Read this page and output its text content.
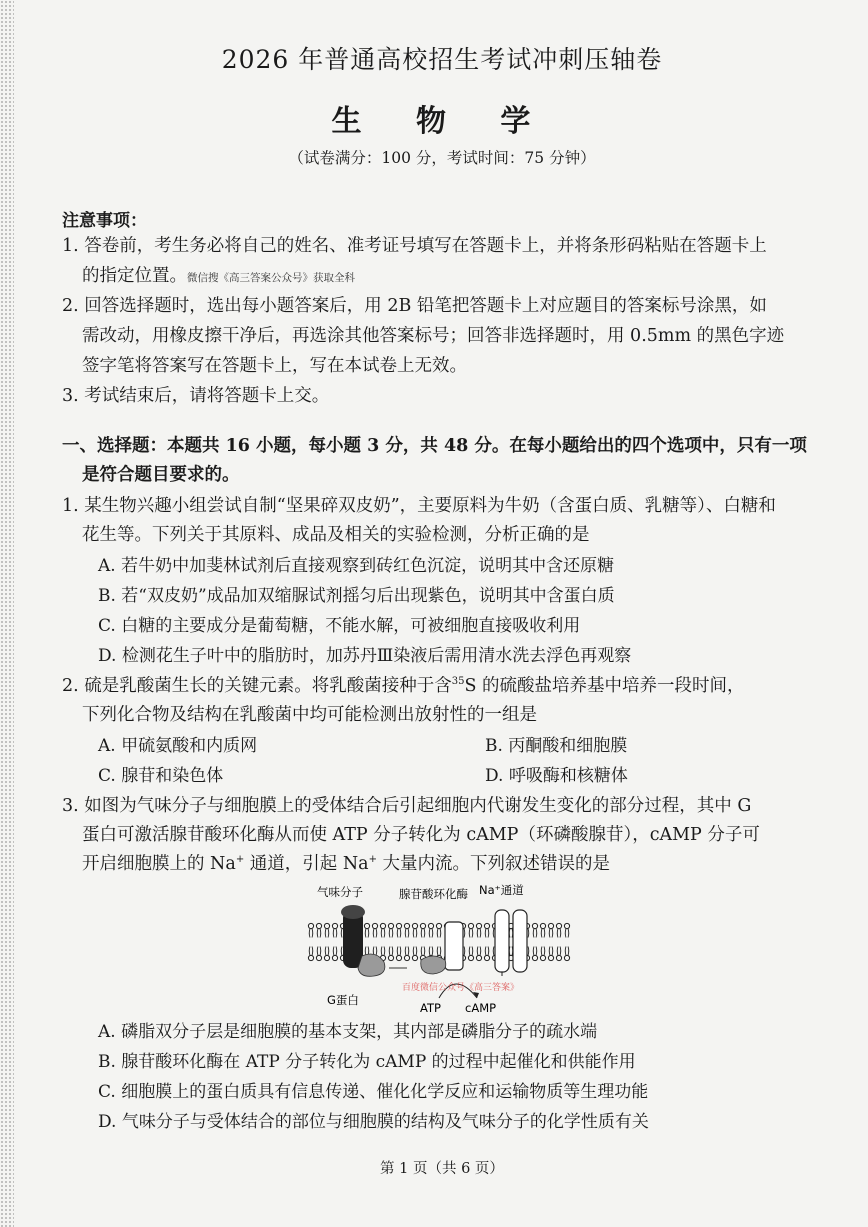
2026 年普通高校招生考试冲刺压轴卷
生 物 学
（试卷满分：100 分，考试时间：75 分钟）
注意事项：
1. 答卷前，考生务必将自己的姓名、准考证号填写在答题卡上，并将条形码粘贴在答题卡上
的指定位置。微信搜《高三答案公众号》获取全科
2. 回答选择题时，选出每小题答案后，用 2B 铅笔把答题卡上对应题目的答案标号涂黑，如
需改动，用橡皮擦干净后，再选涂其他答案标号；回答非选择题时，用 0.5mm 的黑色字迹
签字笔将答案写在答题卡上，写在本试卷上无效。
3. 考试结束后，请将答题卡上交。
一、选择题：本题共 16 小题，每小题 3 分，共 48 分。在每小题给出的四个选项中，只有一项
是符合题目要求的。
1. 某生物兴趣小组尝试自制“坚果碎双皮奶”，主要原料为牛奶（含蛋白质、乳糖等）、白糖和
花生等。下列关于其原料、成品及相关的实验检测，分析正确的是
A. 若牛奶中加斐林试剂后直接观察到砖红色沉淀，说明其中含还原糖
B. 若“双皮奶”成品加双缩脲试剂摇匀后出现紫色，说明其中含蛋白质
C. 白糖的主要成分是葡萄糖，不能水解，可被细胞直接吸收利用
D. 检测花生子叶中的脂肪时，加苏丹Ⅲ染液后需用清水洗去浮色再观察
2. 硫是乳酸菌生长的关键元素。将乳酸菌接种于含$^{35}$S 的硫酸盐培养基中培养一段时间，
下列化合物及结构在乳酸菌中均可能检测出放射性的一组是
A. 甲硫氨酸和内质网	B. 丙酮酸和细胞膜
C. 腺苷和染色体	D. 呼吸酶和核糖体
3. 如图为气味分子与细胞膜上的受体结合后引起细胞内代谢发生变化的部分过程，其中 G
蛋白可激活腺苷酸环化酶从而使 ATP 分子转化为 cAMP（环磷酸腺苷），cAMP 分子可
开启细胞膜上的 Na+ 通道，引起 Na+ 大量内流。下列叙述错误的是
气味分子	腺苷酸环化酶 Na⁺通道
G蛋白
ATP cAMP
百度微信公众号《高三答案》
A. 磷脂双分子层是细胞膜的基本支架，其内部是磷脂分子的疏水端
B. 腺苷酸环化酶在 ATP 分子转化为 cAMP 的过程中起催化和供能作用
C. 细胞膜上的蛋白质具有信息传递、催化化学反应和运输物质等生理功能
D. 气味分子与受体结合的部位与细胞膜的结构及气味分子的化学性质有关
第 1 页（共 6 页）
